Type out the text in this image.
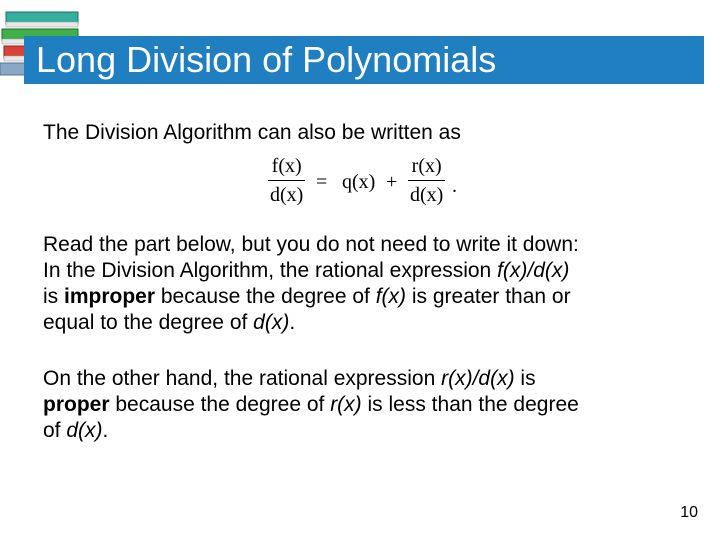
Long Division of Polynomials
The Division Algorithm can also be written as
f(x)
d(x)
= q(x) +
r(x)
d(x) .
Read the part below, but you do not need to write it down:
In the Division Algorithm, the rational expression f(x)/d(x)
is improper because the degree of f(x) is greater than or
equal to the degree of d(x).
On the other hand, the rational expression r(x)/d(x) is
proper because the degree of r(x) is less than the degree
of d(x).
10
